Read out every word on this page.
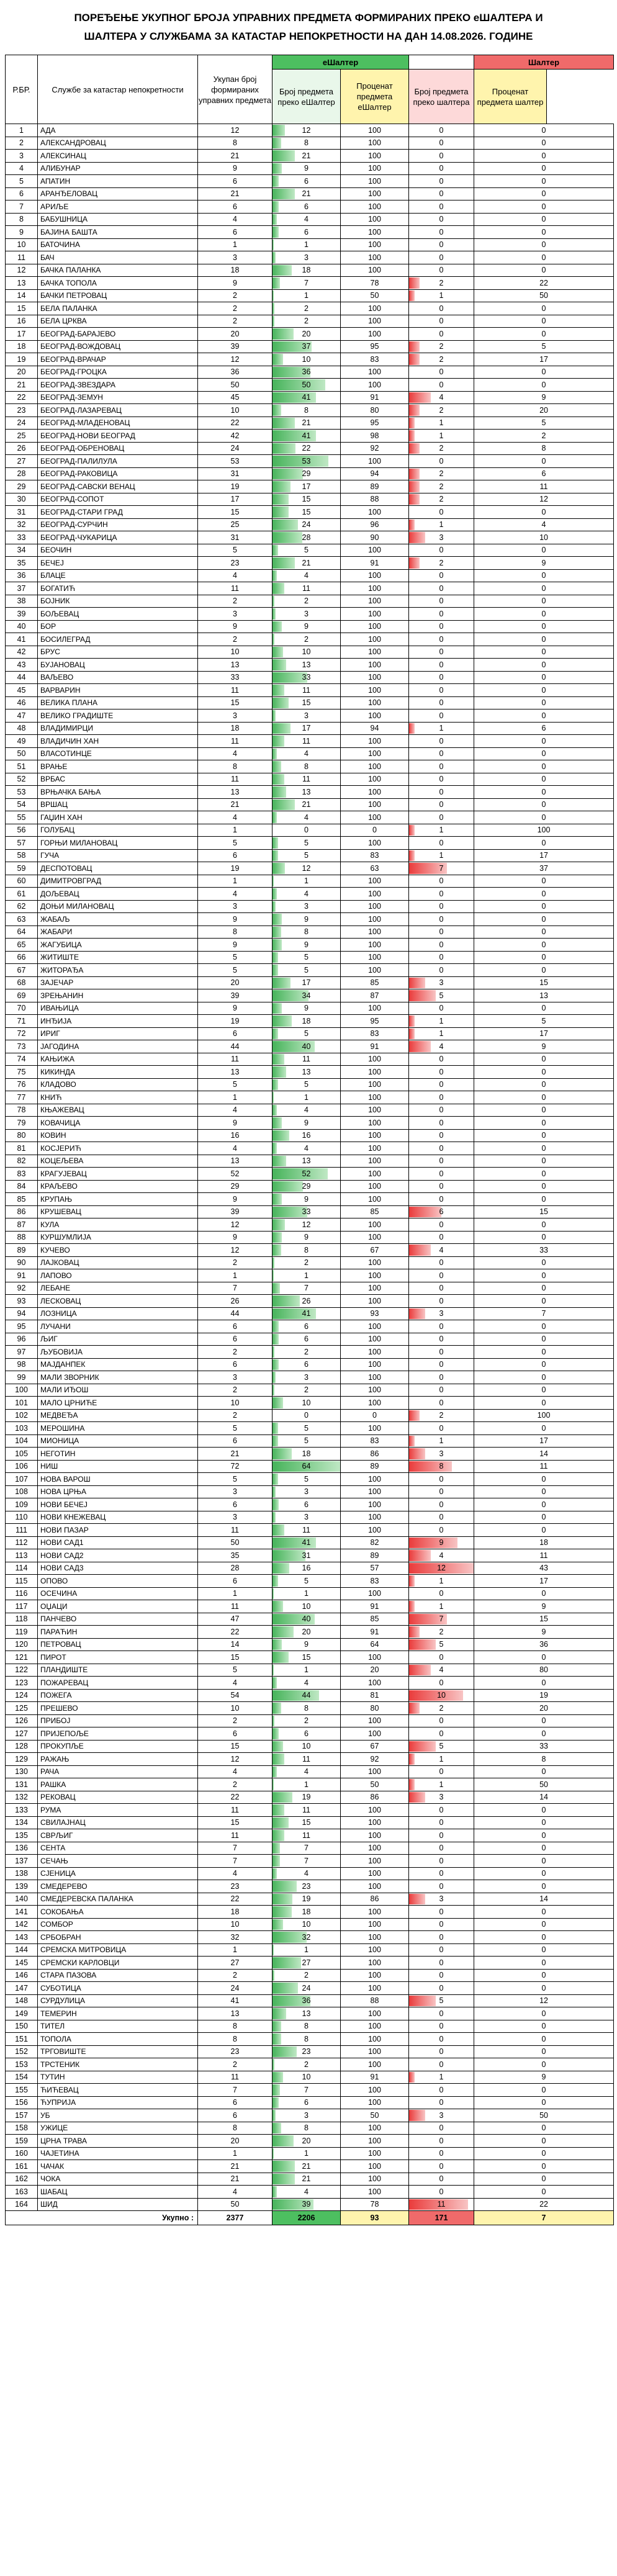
ПОРЕЂЕЊЕ УКУПНОГ БРОЈА УПРАВНИХ ПРЕДМЕТА ФОРМИРАНИХ ПРЕКО еШАЛТЕРА И
ШАЛТЕРА У СЛУЖБАМА ЗА КАТАСТАР НЕПОКРЕТНОСТИ НА ДАН 14.08.2026. ГОДИНЕ
Р.БР.	Службе за катастар непокретности	Укупан број формираних управних предмета	еШалтер			Шалтер
			Број предмета преко еШалтер	Проценат предмета еШалтер	Број предмета преко шалтера	Проценат предмета шалтер
1	АДА	12	12	100	0	0
2	АЛЕКСАНДРОВАЦ	8	8	100	0	0
3	АЛЕКСИНАЦ	21	21	100	0	0
4	АЛИБУНАР	9	9	100	0	0
5	АПАТИН	6	6	100	0	0
6	АРАНЂЕЛОВАЦ	21	21	100	0	0
7	АРИЉЕ	6	6	100	0	0
8	БАБУШНИЦА	4	4	100	0	0
9	БАЈИНА БАШТА	6	6	100	0	0
10	БАТОЧИНА	1	1	100	0	0
11	БАЧ	3	3	100	0	0
12	БАЧКА ПАЛАНКА	18	18	100	0	0
13	БАЧКА ТОПОЛА	9	7	78	2	22
14	БАЧКИ ПЕТРОВАЦ	2	1	50	1	50
15	БЕЛА ПАЛАНКА	2	2	100	0	0
16	БЕЛА ЦРКВА	2	2	100	0	0
17	БЕОГРАД-БАРАЈЕВО	20	20	100	0	0
18	БЕОГРАД-ВОЖДОВАЦ	39	37	95	2	5
19	БЕОГРАД-ВРАЧАР	12	10	83	2	17
20	БЕОГРАД-ГРОЦКА	36	36	100	0	0
21	БЕОГРАД-ЗВЕЗДАРА	50	50	100	0	0
22	БЕОГРАД-ЗЕМУН	45	41	91	4	9
23	БЕОГРАД-ЛАЗАРЕВАЦ	10	8	80	2	20
24	БЕОГРАД-МЛАДЕНОВАЦ	22	21	95	1	5
25	БЕОГРАД-НОВИ БЕОГРАД	42	41	98	1	2
26	БЕОГРАД-ОБРЕНОВАЦ	24	22	92	2	8
27	БЕОГРАД-ПАЛИЛУЛА	53	53	100	0	0
28	БЕОГРАД-РАКОВИЦА	31	29	94	2	6
29	БЕОГРАД-САВСКИ ВЕНАЦ	19	17	89	2	11
30	БЕОГРАД-СОПОТ	17	15	88	2	12
31	БЕОГРАД-СТАРИ ГРАД	15	15	100	0	0
32	БЕОГРАД-СУРЧИН	25	24	96	1	4
33	БЕОГРАД-ЧУКАРИЦА	31	28	90	3	10
34	БЕОЧИН	5	5	100	0	0
35	БЕЧЕЈ	23	21	91	2	9
36	БЛАЦЕ	4	4	100	0	0
37	БОГАТИЋ	11	11	100	0	0
38	БОЈНИК	2	2	100	0	0
39	БОЉЕВАЦ	3	3	100	0	0
40	БОР	9	9	100	0	0
41	БОСИЛЕГРАД	2	2	100	0	0
42	БРУС	10	10	100	0	0
43	БУЈАНОВАЦ	13	13	100	0	0
44	ВАЉЕВО	33	33	100	0	0
45	ВАРВАРИН	11	11	100	0	0
46	ВЕЛИКА ПЛАНА	15	15	100	0	0
47	ВЕЛИКО ГРАДИШТЕ	3	3	100	0	0
48	ВЛАДИМИРЦИ	18	17	94	1	6
49	ВЛАДИЧИН ХАН	11	11	100	0	0
50	ВЛАСОТИНЦЕ	4	4	100	0	0
51	ВРАЊЕ	8	8	100	0	0
52	ВРБАС	11	11	100	0	0
53	ВРЊАЧКА БАЊА	13	13	100	0	0
54	ВРШАЦ	21	21	100	0	0
55	ГАЏИН ХАН	4	4	100	0	0
56	ГОЛУБАЦ	1	0	0	1	100
57	ГОРЊИ МИЛАНОВАЦ	5	5	100	0	0
58	ГУЧА	6	5	83	1	17
59	ДЕСПОТОВАЦ	19	12	63	7	37
60	ДИМИТРОВГРАД	1	1	100	0	0
61	ДОЉЕВАЦ	4	4	100	0	0
62	ДОЊИ МИЛАНОВАЦ	3	3	100	0	0
63	ЖАБАЉ	9	9	100	0	0
64	ЖАБАРИ	8	8	100	0	0
65	ЖАГУБИЦА	9	9	100	0	0
66	ЖИТИШТЕ	5	5	100	0	0
67	ЖИТОРАЂА	5	5	100	0	0
68	ЗАЈЕЧАР	20	17	85	3	15
69	ЗРЕЊАНИН	39	34	87	5	13
70	ИВАЊИЦА	9	9	100	0	0
71	ИНЂИЈА	19	18	95	1	5
72	ИРИГ	6	5	83	1	17
73	ЈАГОДИНА	44	40	91	4	9
74	КАЊИЖА	11	11	100	0	0
75	КИКИНДА	13	13	100	0	0
76	КЛАДОВО	5	5	100	0	0
77	КНИЋ	1	1	100	0	0
78	КЊАЖЕВАЦ	4	4	100	0	0
79	КОВАЧИЦА	9	9	100	0	0
80	КОВИН	16	16	100	0	0
81	КОСЈЕРИЋ	4	4	100	0	0
82	КОЦЕЉЕВА	13	13	100	0	0
83	КРАГУЈЕВАЦ	52	52	100	0	0
84	КРАЉЕВО	29	29	100	0	0
85	КРУПАЊ	9	9	100	0	0
86	КРУШЕВАЦ	39	33	85	6	15
87	КУЛА	12	12	100	0	0
88	КУРШУМЛИЈА	9	9	100	0	0
89	КУЧЕВО	12	8	67	4	33
90	ЛАЈКОВАЦ	2	2	100	0	0
91	ЛАПОВО	1	1	100	0	0
92	ЛЕБАНЕ	7	7	100	0	0
93	ЛЕСКОВАЦ	26	26	100	0	0
94	ЛОЗНИЦА	44	41	93	3	7
95	ЛУЧАНИ	6	6	100	0	0
96	ЉИГ	6	6	100	0	0
97	ЉУБОВИЈА	2	2	100	0	0
98	МАЈДАНПЕК	6	6	100	0	0
99	МАЛИ ЗВОРНИК	3	3	100	0	0
100	МАЛИ ИЂОШ	2	2	100	0	0
101	МАЛО ЦРНИЋЕ	10	10	100	0	0
102	МЕДВЕЂА	2	0	0	2	100
103	МЕРОШИНА	5	5	100	0	0
104	МИОНИЦА	6	5	83	1	17
105	НЕГОТИН	21	18	86	3	14
106	НИШ	72	64	89	8	11
107	НОВА ВАРОШ	5	5	100	0	0
108	НОВА ЦРЊА	3	3	100	0	0
109	НОВИ БЕЧЕЈ	6	6	100	0	0
110	НОВИ КНЕЖЕВАЦ	3	3	100	0	0
111	НОВИ ПАЗАР	11	11	100	0	0
112	НОВИ САД1	50	41	82	9	18
113	НОВИ САД2	35	31	89	4	11
114	НОВИ САД3	28	16	57	12	43
115	ОПОВО	6	5	83	1	17
116	ОСЕЧИНА	1	1	100	0	0
117	ОЏАЦИ	11	10	91	1	9
118	ПАНЧЕВО	47	40	85	7	15
119	ПАРАЋИН	22	20	91	2	9
120	ПЕТРОВАЦ	14	9	64	5	36
121	ПИРОТ	15	15	100	0	0
122	ПЛАНДИШТЕ	5	1	20	4	80
123	ПОЖАРЕВАЦ	4	4	100	0	0
124	ПОЖЕГА	54	44	81	10	19
125	ПРЕШЕВО	10	8	80	2	20
126	ПРИБОЈ	2	2	100	0	0
127	ПРИЈЕПОЉЕ	6	6	100	0	0
128	ПРОКУПЉЕ	15	10	67	5	33
129	РАЖАЊ	12	11	92	1	8
130	РАЧА	4	4	100	0	0
131	РАШКА	2	1	50	1	50
132	РЕКОВАЦ	22	19	86	3	14
133	РУМА	11	11	100	0	0
134	СВИЛАЈНАЦ	15	15	100	0	0
135	СВРЉИГ	11	11	100	0	0
136	СЕНТА	7	7	100	0	0
137	СЕЧАЊ	7	7	100	0	0
138	СЈЕНИЦА	4	4	100	0	0
139	СМЕДЕРЕВО	23	23	100	0	0
140	СМЕДЕРЕВСКА ПАЛАНКА	22	19	86	3	14
141	СОКОБАЊА	18	18	100	0	0
142	СОМБОР	10	10	100	0	0
143	СРБОБРАН	32	32	100	0	0
144	СРЕМСКА МИТРОВИЦА	1	1	100	0	0
145	СРЕМСКИ КАРЛОВЦИ	27	27	100	0	0
146	СТАРА ПАЗОВА	2	2	100	0	0
147	СУБОТИЦА	24	24	100	0	0
148	СУРДУЛИЦА	41	36	88	5	12
149	ТЕМЕРИН	13	13	100	0	0
150	ТИТЕЛ	8	8	100	0	0
151	ТОПОЛА	8	8	100	0	0
152	ТРГОВИШТЕ	23	23	100	0	0
153	ТРСТЕНИК	2	2	100	0	0
154	ТУТИН	11	10	91	1	9
155	ЋИЋЕВАЦ	7	7	100	0	0
156	ЋУПРИЈА	6	6	100	0	0
157	УБ	6	3	50	3	50
158	УЖИЦЕ	8	8	100	0	0
159	ЦРНА ТРАВА	20	20	100	0	0
160	ЧАЈЕТИНА	1	1	100	0	0
161	ЧАЧАК	21	21	100	0	0
162	ЧОКА	21	21	100	0	0
163	ШАБАЦ	4	4	100	0	0
164	ШИД	50	39	78	11	22
Укупно :		2377	2206	93	171	7
